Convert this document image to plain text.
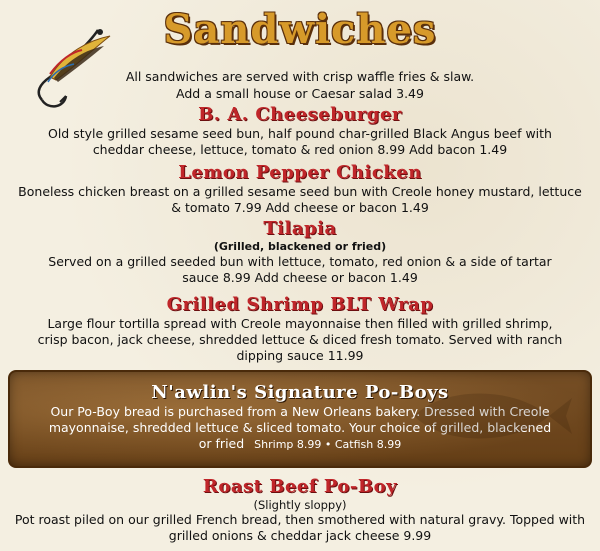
Sandwiches
All sandwiches are served with crisp waffle fries & slaw.
Add a small house or Caesar salad 3.49
B. A. Cheeseburger
Old style grilled sesame seed bun, half pound char-grilled Black Angus beef with
cheddar cheese, lettuce, tomato & red onion 8.99 Add bacon 1.49
Lemon Pepper Chicken
Boneless chicken breast on a grilled sesame seed bun with Creole honey mustard, lettuce
& tomato 7.99 Add cheese or bacon 1.49
Tilapia
(Grilled, blackened or fried)
Served on a grilled seeded bun with lettuce, tomato, red onion & a side of tartar
sauce 8.99 Add cheese or bacon 1.49
Grilled Shrimp BLT Wrap
Large flour tortilla spread with Creole mayonnaise then filled with grilled shrimp,
crisp bacon, jack cheese, shredded lettuce & diced fresh tomato. Served with ranch
dipping sauce 11.99
N'awlin's Signature Po-Boys
Our Po-Boy bread is purchased from a New Orleans bakery. Dressed with Creole
mayonnaise, shredded lettuce & sliced tomato. Your choice of grilled, blackened
or fried Shrimp 8.99 • Catfish 8.99
Roast Beef Po-Boy
(Slightly sloppy)
Pot roast piled on our grilled French bread, then smothered with natural gravy. Topped with
grilled onions & cheddar jack cheese 9.99
